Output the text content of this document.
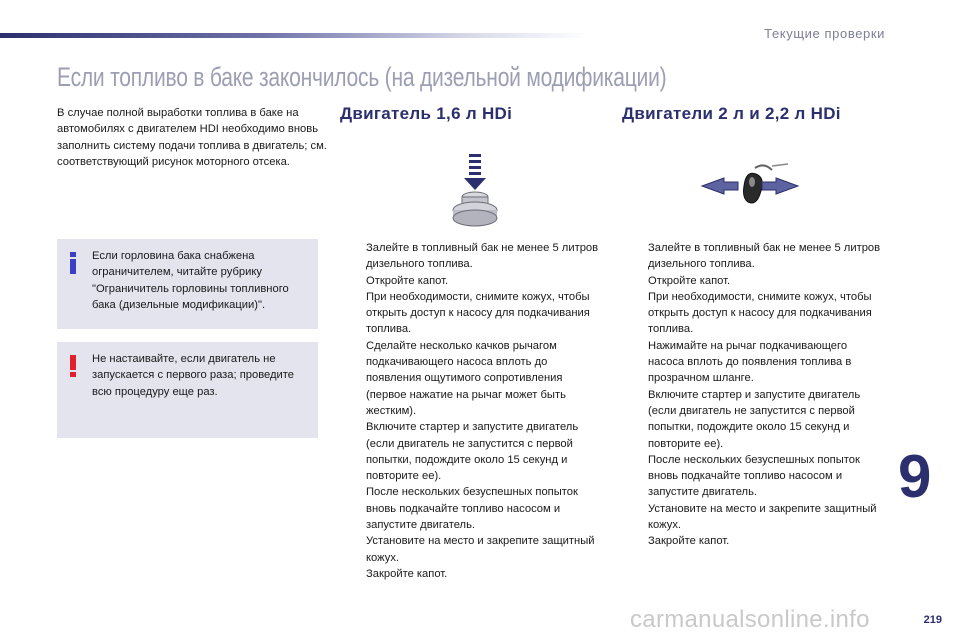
Текущие проверки
Если топливо в баке закончилось (на дизельной модификации)
В случае полной выработки топлива в баке на автомобилях с двигателем HDI необходимо вновь заполнить систему подачи топлива в двигатель; см. соответствующий рисунок моторного отсека.
Если горловина бака снабжена ограничителем, читайте рубрику "Ограничитель горловины топливного бака (дизельные модификации)".
Не настаивайте, если двигатель не запускается с первого раза; проведите всю процедуру еще раз.
Двигатель 1,6 л HDi	Двигатели 2 л и 2,2 л HDi
Залейте в топливный бак не менее 5 литров дизельного топлива.
Откройте капот.
При необходимости, снимите кожух, чтобы открыть доступ к насосу для подкачивания топлива.
Сделайте несколько качков рычагом подкачивающего насоса вплоть до появления ощутимого сопротивления (первое нажатие на рычаг может быть жестким).
Включите стартер и запустите двигатель (если двигатель не запустится с первой попытки, подождите около 15 секунд и повторите ее).
После нескольких безуспешных попыток вновь подкачайте топливо насосом и запустите двигатель.
Установите на место и закрепите защитный кожух.
Закройте капот.
Залейте в топливный бак не менее 5 литров дизельного топлива.
Откройте капот.
При необходимости, снимите кожух, чтобы открыть доступ к насосу для подкачивания топлива.
Нажимайте на рычаг подкачивающего насоса вплоть до появления топлива в прозрачном шланге.
Включите стартер и запустите двигатель (если двигатель не запустится с первой попытки, подождите около 15 секунд и повторите ее).
После нескольких безуспешных попыток вновь подкачайте топливо насосом и запустите двигатель.
Установите на место и закрепите защитный кожух.
Закройте капот.
9
carmanualsonline.info	219
